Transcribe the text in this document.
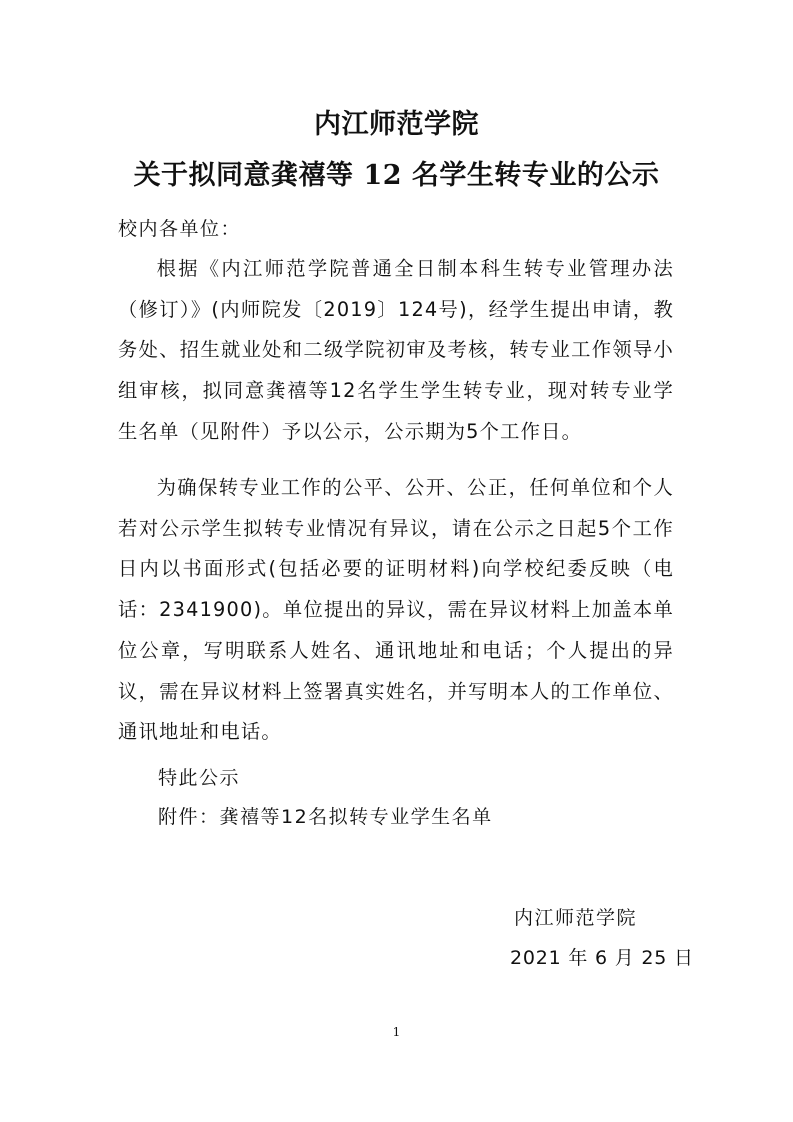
内江师范学院
关于拟同意龚禧等 12 名学生转专业的公示
校内各单位：
根据《内江师范学院普通全日制本科生转专业管理办法（修订）》(内师院发〔2019〕124号)，经学生提出申请，教务处、招生就业处和二级学院初审及考核，转专业工作领导小组审核，拟同意龚禧等12名学生学生转专业，现对转专业学生名单（见附件）予以公示，公示期为5个工作日。
为确保转专业工作的公平、公开、公正，任何单位和个人若对公示学生拟转专业情况有异议，请在公示之日起5个工作日内以书面形式(包括必要的证明材料)向学校纪委反映（电话：2341900)。单位提出的异议，需在异议材料上加盖本单位公章，写明联系人姓名、通讯地址和电话；个人提出的异议，需在异议材料上签署真实姓名，并写明本人的工作单位、通讯地址和电话。
特此公示
附件：龚禧等12名拟转专业学生名单
内江师范学院
2021 年 6 月 25 日
1
